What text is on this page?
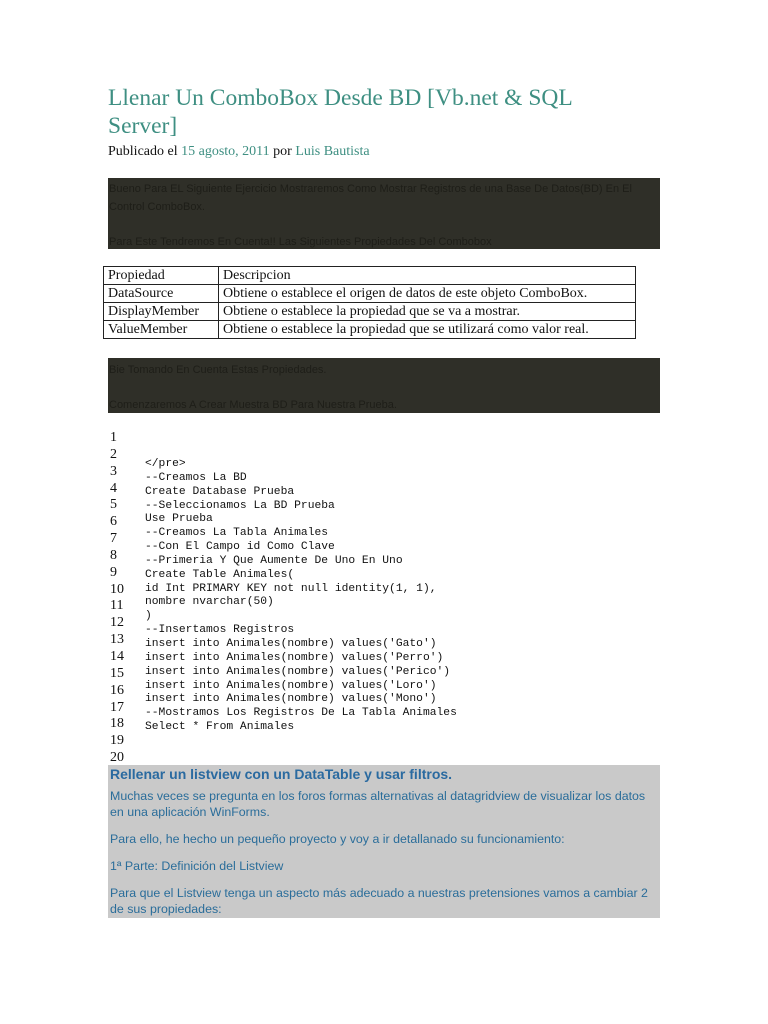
Llenar Un ComboBox Desde BD [Vb.net & SQL Server]
Publicado el 15 agosto, 2011 por Luis Bautista

Bueno Para EL Siguiente Ejercicio Mostraremos Como Mostrar Registros de una Base De Datos(BD) En El Control ComboBox.

Para Este Tendremos En Cuenta!! Las Siguientes Propiedades Del Combobox

Propiedad	Descripcion
DataSource	Obtiene o establece el origen de datos de este objeto ComboBox.
DisplayMember	Obtiene o establece la propiedad que se va a mostrar.
ValueMember	Obtiene o establece la propiedad que se utilizará como valor real.

Bie Tomando En Cuenta Estas Propiedades.

Comenzaremos A Crear Muestra BD Para Nuestra Prueba.

1
2
3
4
5
6
7
8
9
10
11
12
13
14
15
16
17
18
19
20
</pre>
--Creamos La BD
Create Database Prueba
--Seleccionamos La BD Prueba
Use Prueba
--Creamos La Tabla Animales
--Con El Campo id Como Clave
--Primeria Y Que Aumente De Uno En Uno
Create Table Animales(
id Int PRIMARY KEY not null identity(1, 1),
nombre nvarchar(50)
)
--Insertamos Registros
insert into Animales(nombre) values('Gato')
insert into Animales(nombre) values('Perro')
insert into Animales(nombre) values('Perico')
insert into Animales(nombre) values('Loro')
insert into Animales(nombre) values('Mono')
--Mostramos Los Registros De La Tabla Animales
Select * From Animales
Rellenar un listview con un DataTable y usar filtros.

Muchas veces se pregunta en los foros formas alternativas al datagridview de visualizar los datos en una aplicación WinForms.

Para ello, he hecho un pequeño proyecto y voy a ir detallanado su funcionamiento:

1ª Parte: Definición del Listview

Para que el Listview tenga un aspecto más adecuado a nuestras pretensiones vamos a cambiar 2 de sus propiedades:
